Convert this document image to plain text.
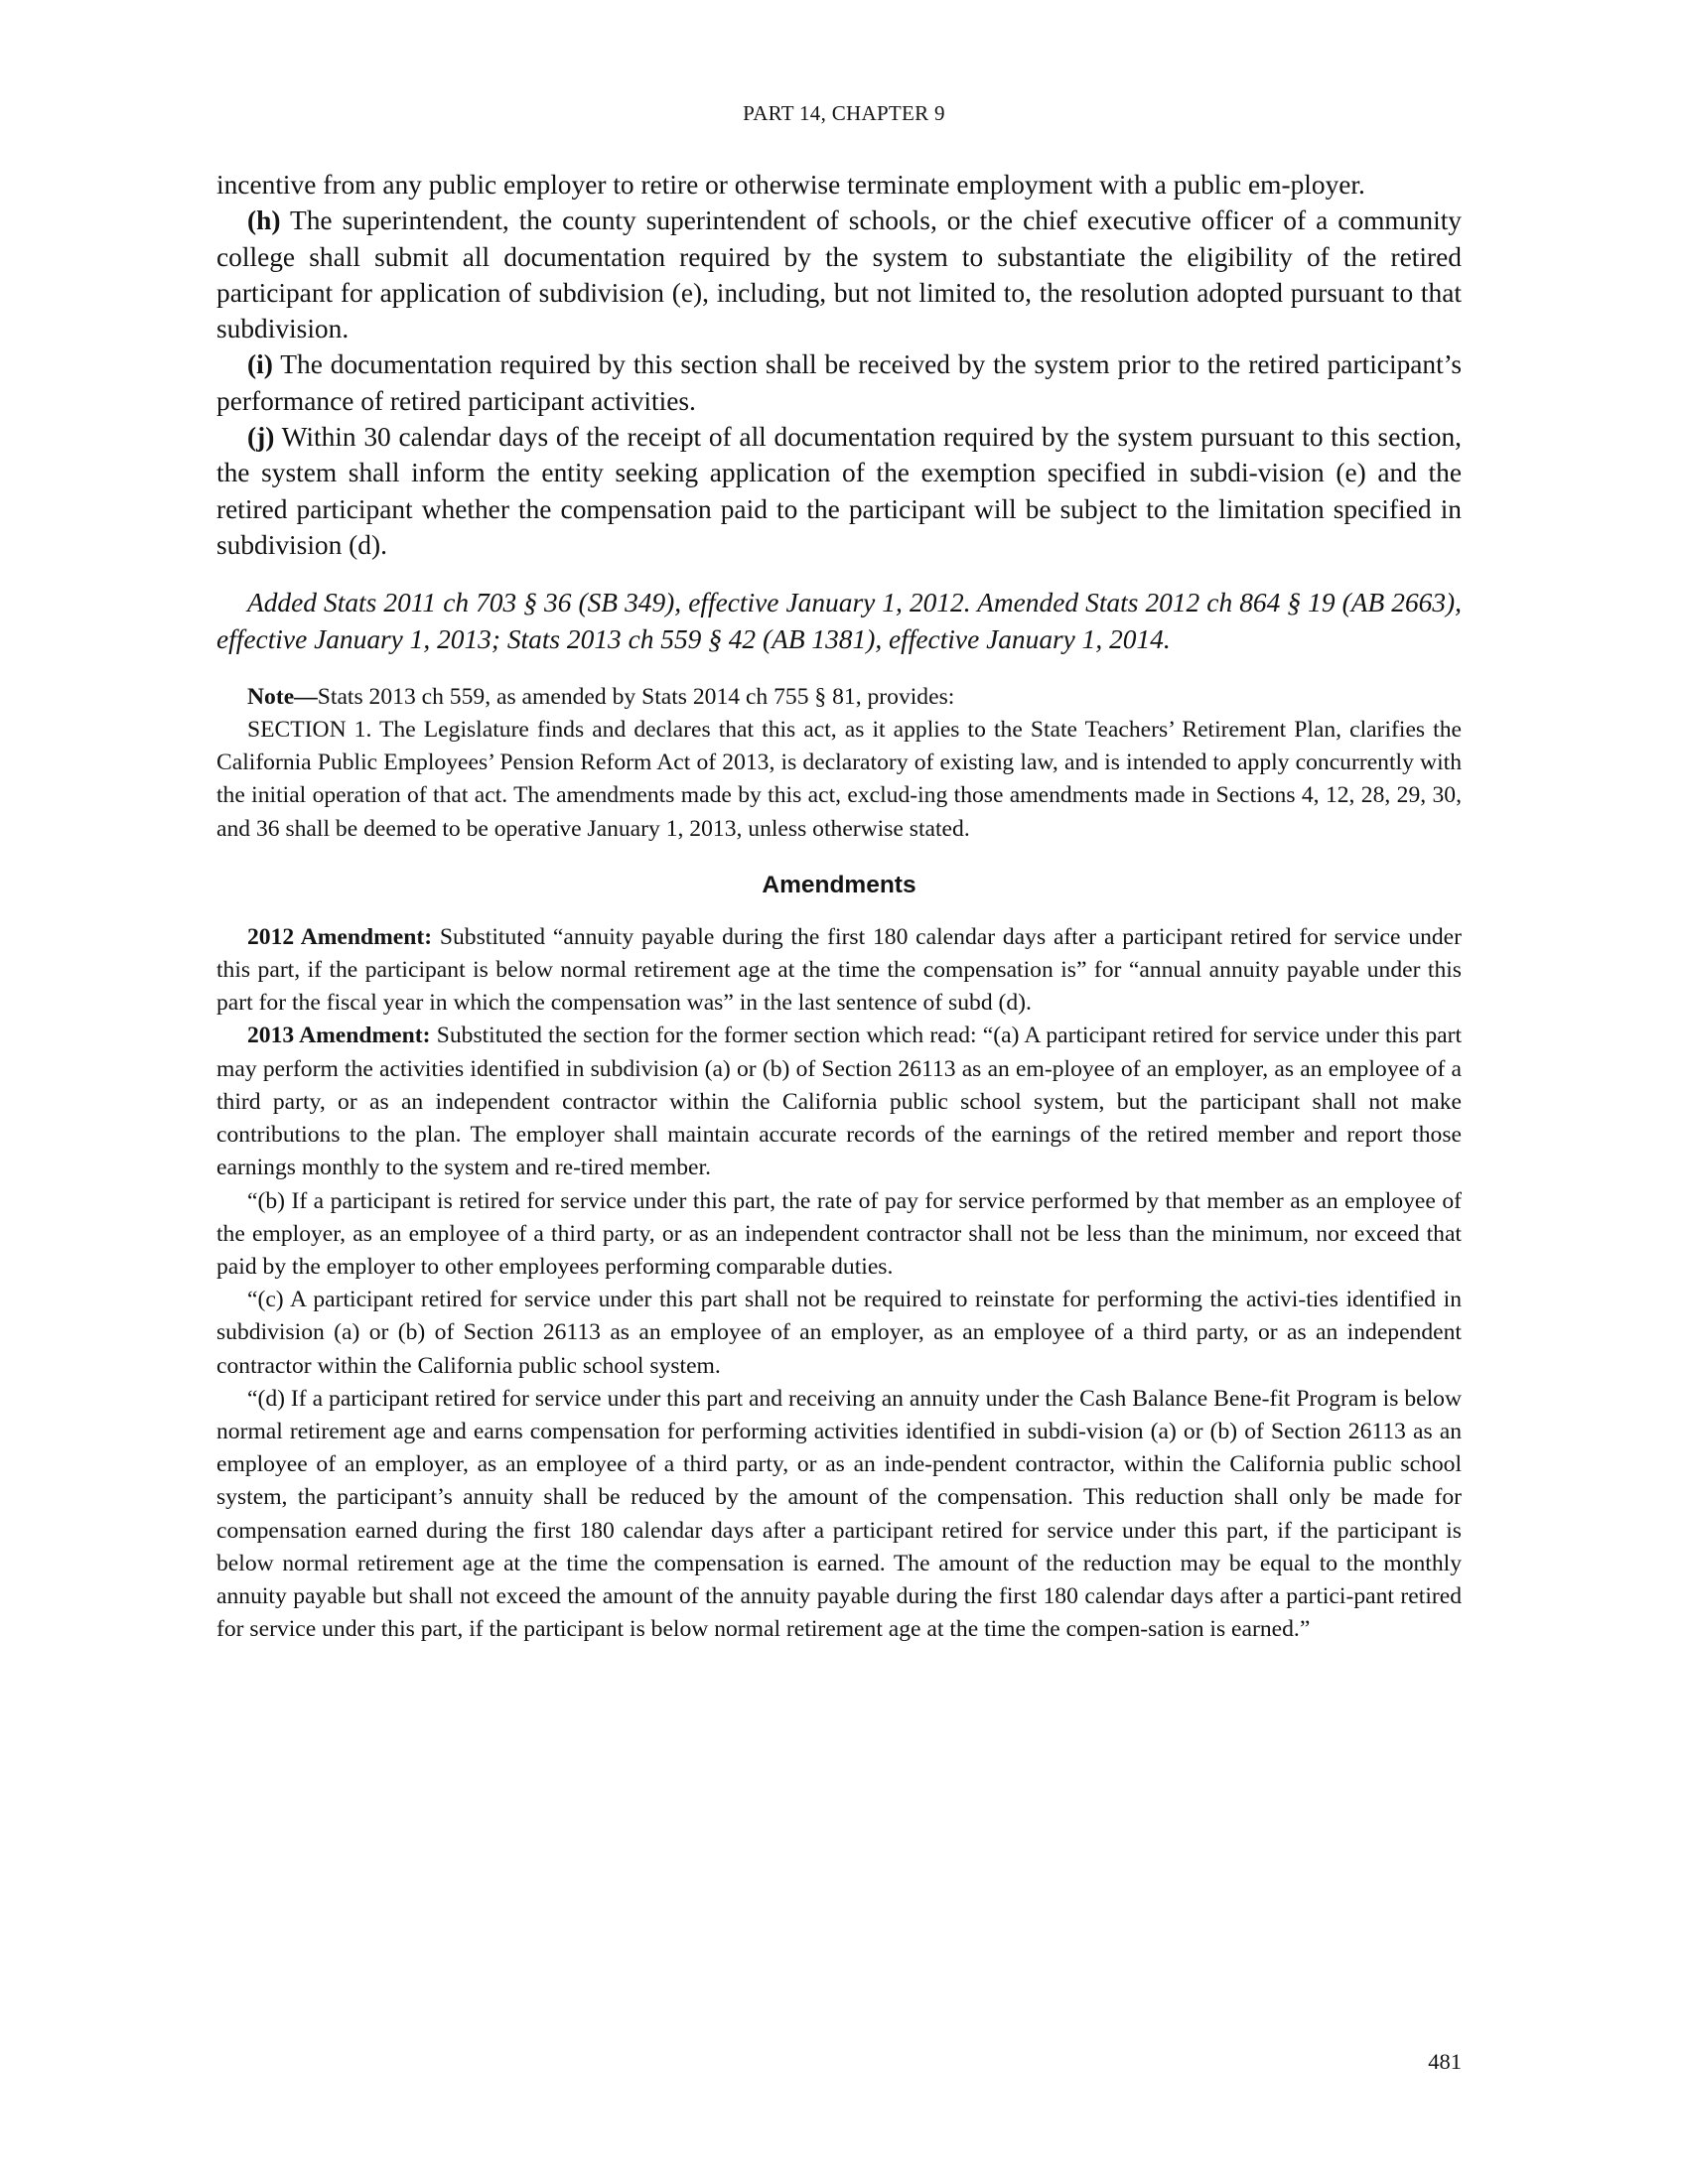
PART 14, CHAPTER 9

incentive from any public employer to retire or otherwise terminate employment with a public em-ployer.

(h) The superintendent, the county superintendent of schools, or the chief executive officer of a community college shall submit all documentation required by the system to substantiate the eligibility of the retired participant for application of subdivision (e), including, but not limited to, the resolution adopted pursuant to that subdivision.

(i) The documentation required by this section shall be received by the system prior to the retired participant’s performance of retired participant activities.

(j) Within 30 calendar days of the receipt of all documentation required by the system pursuant to this section, the system shall inform the entity seeking application of the exemption specified in subdi-vision (e) and the retired participant whether the compensation paid to the participant will be subject to the limitation specified in subdivision (d).

Added Stats 2011 ch 703 § 36 (SB 349), effective January 1, 2012. Amended Stats 2012 ch 864 § 19 (AB 2663), effective January 1, 2013; Stats 2013 ch 559 § 42 (AB 1381), effective January 1, 2014.

Note—Stats 2013 ch 559, as amended by Stats 2014 ch 755 § 81, provides:

SECTION 1. The Legislature finds and declares that this act, as it applies to the State Teachers’ Retirement Plan, clarifies the California Public Employees’ Pension Reform Act of 2013, is declaratory of existing law, and is intended to apply concurrently with the initial operation of that act. The amendments made by this act, exclud-ing those amendments made in Sections 4, 12, 28, 29, 30, and 36 shall be deemed to be operative January 1, 2013, unless otherwise stated.

Amendments

2012 Amendment: Substituted “annuity payable during the first 180 calendar days after a participant retired for service under this part, if the participant is below normal retirement age at the time the compensation is” for “annual annuity payable under this part for the fiscal year in which the compensation was” in the last sentence of subd (d).

2013 Amendment: Substituted the section for the former section which read: “(a) A participant retired for service under this part may perform the activities identified in subdivision (a) or (b) of Section 26113 as an em-ployee of an employer, as an employee of a third party, or as an independent contractor within the California public school system, but the participant shall not make contributions to the plan. The employer shall maintain accurate records of the earnings of the retired member and report those earnings monthly to the system and re-tired member.

“(b) If a participant is retired for service under this part, the rate of pay for service performed by that member as an employee of the employer, as an employee of a third party, or as an independent contractor shall not be less than the minimum, nor exceed that paid by the employer to other employees performing comparable duties.

“(c) A participant retired for service under this part shall not be required to reinstate for performing the activi-ties identified in subdivision (a) or (b) of Section 26113 as an employee of an employer, as an employee of a third party, or as an independent contractor within the California public school system.

“(d) If a participant retired for service under this part and receiving an annuity under the Cash Balance Bene-fit Program is below normal retirement age and earns compensation for performing activities identified in subdi-vision (a) or (b) of Section 26113 as an employee of an employer, as an employee of a third party, or as an inde-pendent contractor, within the California public school system, the participant’s annuity shall be reduced by the amount of the compensation. This reduction shall only be made for compensation earned during the first 180 calendar days after a participant retired for service under this part, if the participant is below normal retirement age at the time the compensation is earned. The amount of the reduction may be equal to the monthly annuity payable but shall not exceed the amount of the annuity payable during the first 180 calendar days after a partici-pant retired for service under this part, if the participant is below normal retirement age at the time the compen-sation is earned.”

481
